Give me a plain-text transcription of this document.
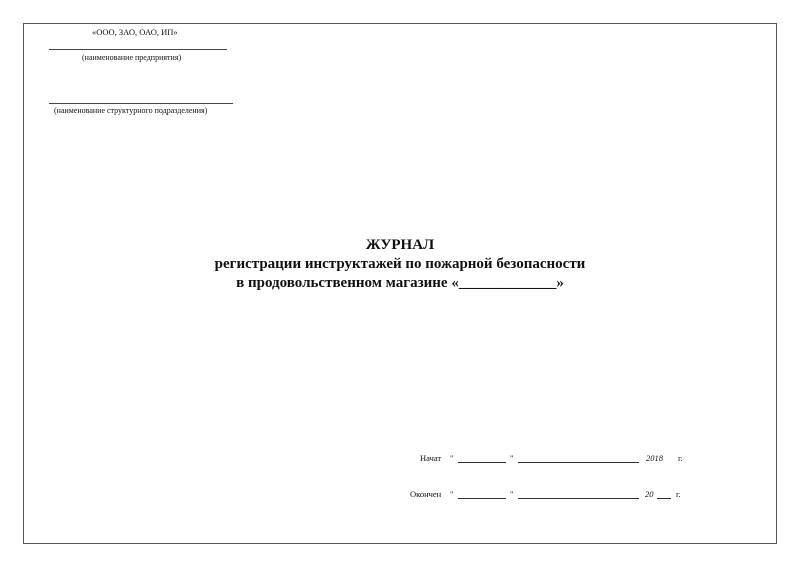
«ООО, ЗАО, ОАО, ИП»
(наименование предприятия)
(наименование структурного подразделения)
ЖУРНАЛ
регистрации инструктажей по пожарной безопасности
в продовольственном магазине «_____________»
Начат "	"	2018 г.
Окончен "	"	20	г.
